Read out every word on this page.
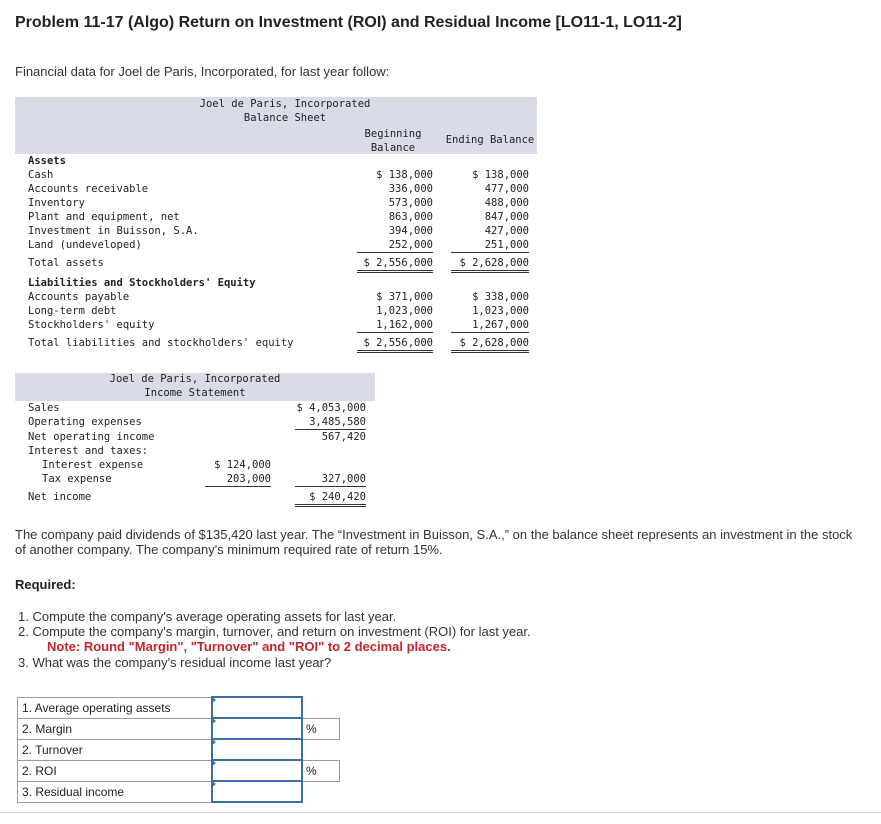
Problem 11-17 (Algo) Return on Investment (ROI) and Residual Income [LO11-1, LO11-2]
Financial data for Joel de Paris, Incorporated, for last year follow:
Joel de Paris, Incorporated
Balance Sheet
Beginning
Balance
Ending Balance
Assets
Cash	$ 138,000	$ 138,000
Accounts receivable	336,000	477,000
Inventory	573,000	488,000
Plant and equipment, net	863,000	847,000
Investment in Buisson, S.A.	394,000	427,000
Land (undeveloped)	252,000	251,000
Total assets	$ 2,556,000	$ 2,628,000
Liabilities and Stockholders' Equity
Accounts payable	$ 371,000	$ 338,000
Long-term debt	1,023,000	1,023,000
Stockholders' equity	1,162,000	1,267,000
Total liabilities and stockholders' equity	$ 2,556,000	$ 2,628,000
Joel de Paris, Incorporated
Income Statement
Sales	$ 4,053,000
Operating expenses	3,485,580
Net operating income	567,420
Interest and taxes:
Interest expense	$ 124,000
Tax expense	203,000	327,000
Net income	$ 240,420
The company paid dividends of $135,420 last year. The “Investment in Buisson, S.A.,” on the balance sheet represents an investment in the stock of another company. The company's minimum required rate of return 15%.
Required:
1. Compute the company's average operating assets for last year.
2. Compute the company's margin, turnover, and return on investment (ROI) for last year.
Note: Round "Margin", "Turnover" and "ROI" to 2 decimal places.
3. What was the company's residual income last year?
1. Average operating assets		
2. Margin		%
2. Turnover		
2. ROI		%
3. Residual income		
